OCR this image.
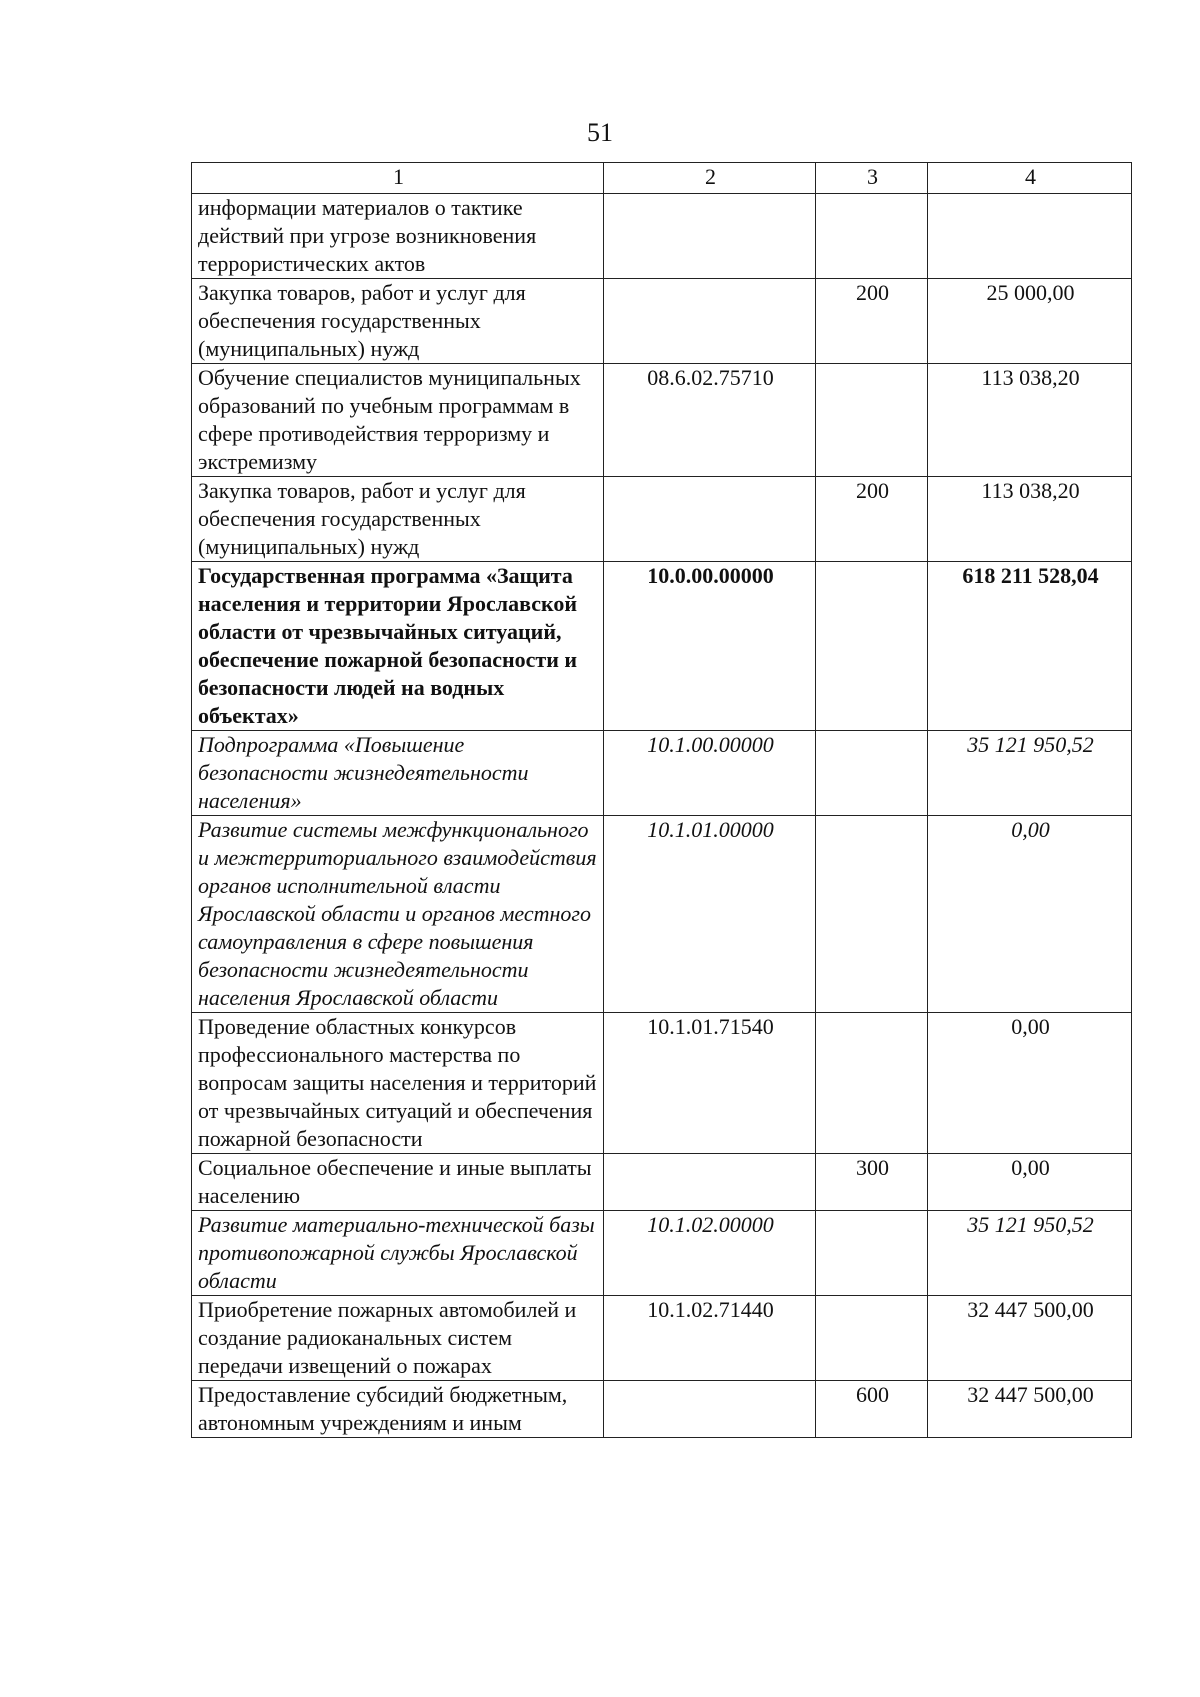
51
1	2	3	4
информации материалов о тактике действий при угрозе возникновения террористических актов			
Закупка товаров, работ и услуг для обеспечения государственных (муниципальных) нужд		200	25 000,00
Обучение специалистов муниципальных образований по учебным программам в сфере противодействия терроризму и экстремизму	08.6.02.75710		113 038,20
Закупка товаров, работ и услуг для обеспечения государственных (муниципальных) нужд		200	113 038,20
Государственная программа «Защита населения и территории Ярославской области от чрезвычайных ситуаций, обеспечение пожарной безопасности и безопасности людей на водных объектах»	10.0.00.00000		618 211 528,04
Подпрограмма «Повышение безопасности жизнедеятельности населения»	10.1.00.00000		35 121 950,52
Развитие системы межфункционального и межтерриториального взаимодействия органов исполнительной власти Ярославской области и органов местного самоуправления в сфере повышения безопасности жизнедеятельности населения Ярославской области	10.1.01.00000		0,00
Проведение областных конкурсов профессионального мастерства по вопросам защиты населения и территорий от чрезвычайных ситуаций и обеспечения пожарной безопасности	10.1.01.71540		0,00
Социальное обеспечение и иные выплаты населению		300	0,00
Развитие материально-технической базы противопожарной службы Ярославской области	10.1.02.00000		35 121 950,52
Приобретение пожарных автомобилей и создание радиоканальных систем передачи извещений о пожарах	10.1.02.71440		32 447 500,00
Предоставление субсидий бюджетным, автономным учреждениям и иным		600	32 447 500,00
